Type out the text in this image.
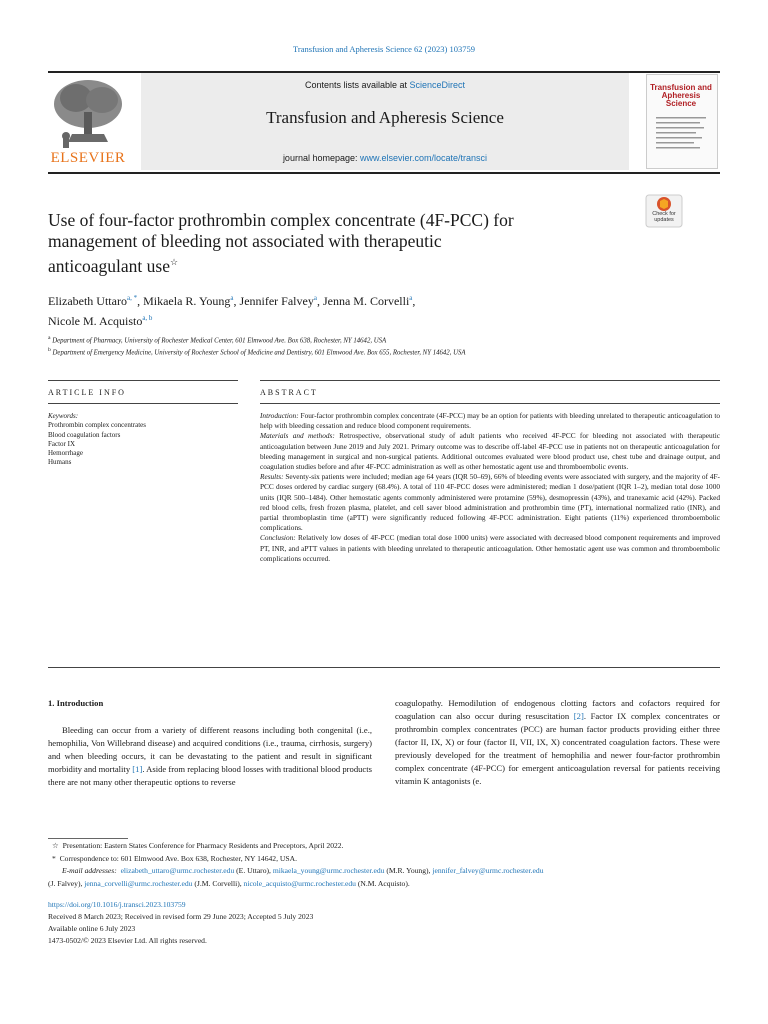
Transfusion and Apheresis Science 62 (2023) 103759
ELSEVIER
Contents lists available at ScienceDirect
Transfusion and Apheresis Science
journal homepage: www.elsevier.com/locate/transci
Transfusion and Apheresis Science
Check for updates
Use of four-factor prothrombin complex concentrate (4F-PCC) for
management of bleeding not associated with therapeutic
anticoagulant use☆
Elizabeth Uttaro$^{a, *}$, Mikaela R. Young$^a$, Jennifer Falvey$^a$, Jenna M. Corvelli$^a$,
Nicole M. Acquisto$^{a, b}$
$^a$ Department of Pharmacy, University of Rochester Medical Center, 601 Elmwood Ave. Box 638, Rochester, NY 14642, USA
$^b$ Department of Emergency Medicine, University of Rochester School of Medicine and Dentistry, 601 Elmwood Ave. Box 655, Rochester, NY 14642, USA
ARTICLE INFO	ABSTRACT
Keywords:
Prothrombin complex concentrates
Blood coagulation factors
Factor IX
Hemorrhage
Humans
Introduction: Four-factor prothrombin complex concentrate (4F-PCC) may be an option for patients with bleeding unrelated to therapeutic anticoagulation to help with bleeding cessation and reduce blood component requirements.
Materials and methods: Retrospective, observational study of adult patients who received 4F-PCC for bleeding not associated with therapeutic anticoagulation between June 2019 and July 2021. Primary outcome was to describe off-label 4F-PCC use in patients not on therapeutic anticoagulation for bleeding management in surgical and non-surgical patients. Additional outcomes evaluated were blood product use, chest tube and drainage output, and coagulation studies before and after 4F-PCC administration as well as other hemostatic agent use and thromboembolic events.
Results: Seventy-six patients were included; median age 64 years (IQR 50–69), 66% of bleeding events were associated with surgery, and the majority of 4F-PCC doses ordered by cardiac surgery (68.4%). A total of 110 4F-PCC doses were administered; median 1 dose/patient (IQR 1–2), median total dose 1000 units (IQR 500–1484). Other hemostatic agents commonly administered were protamine (59%), desmopressin (43%), and tranexamic acid (42%). Packed red blood cells, fresh frozen plasma, platelet, and cell saver blood administration and prothrombin time (PT), international normalized ratio (INR), and partial thromboplastin time (aPTT) were significantly reduced following 4F-PCC administration. Eight patients (11%) experienced thromboembolic complications.
Conclusion: Relatively low doses of 4F-PCC (median total dose 1000 units) were associated with decreased blood component requirements and improved PT, INR, and aPTT values in patients with bleeding unrelated to therapeutic anticoagulation. Other hemostatic agent use was common and thromboembolic complications occurred.
1. Introduction

Bleeding can occur from a variety of different reasons including both congenital (i.e., hemophilia, Von Willebrand disease) and acquired conditions (i.e., trauma, cirrhosis, surgery) and when bleeding occurs, it can be devastating to the patient and result in significant morbidity and mortality [1]. Aside from replacing blood losses with traditional blood products there are not many other therapeutic options to reverse

coagulopathy. Hemodilution of endogenous clotting factors and cofactors required for coagulation can also occur during resuscitation [2]. Factor IX complex concentrates or prothrombin complex concentrates (PCC) are human factor products providing either three (factor II, IX, X) or four (factor II, VII, IX, X) concentrated coagulation factors. These were previously developed for the treatment of hemophilia and newer four-factor prothrombin complex concentrate (4F-PCC) for emergent anticoagulation reversal for patients receiving vitamin K antagonists (e.

☆ Presentation: Eastern States Conference for Pharmacy Residents and Preceptors, April 2022.
* Correspondence to: 601 Elmwood Ave. Box 638, Rochester, NY 14642, USA.
E-mail addresses: elizabeth_uttaro@urmc.rochester.edu (E. Uttaro), mikaela_young@urmc.rochester.edu (M.R. Young), jennifer_falvey@urmc.rochester.edu
(J. Falvey), jenna_corvelli@urmc.rochester.edu (J.M. Corvelli), nicole_acquisto@urmc.rochester.edu (N.M. Acquisto).
https://doi.org/10.1016/j.transci.2023.103759
Received 8 March 2023; Received in revised form 29 June 2023; Accepted 5 July 2023
Available online 6 July 2023
1473-0502/© 2023 Elsevier Ltd. All rights reserved.
